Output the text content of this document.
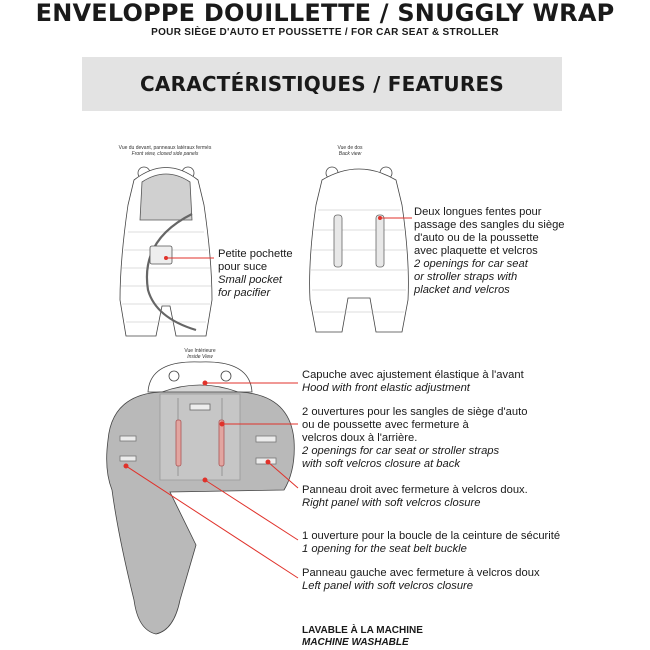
ENVELOPPE DOUILLETTE / SNUGGLY WRAP
POUR SIÈGE D'AUTO ET POUSSETTE / FOR CAR SEAT & STROLLER
CARACTÉRISTIQUES / FEATURES
Vue du devant, panneaux latéraux fermés
Front view, closed side panels
Vue de dos
Back view
Vue Intérieure
Inside View
Petite pochette
pour suce
Small pocket
for pacifier
Deux longues fentes pour
passage des sangles du siège
d'auto ou de la poussette
avec plaquette et velcros
2 openings for car seat
or stroller straps with
placket and velcros
Capuche avec ajustement élastique à l'avant
Hood with front elastic adjustment
2 ouvertures pour les sangles de siège d'auto
ou de poussette avec fermeture à
velcros doux à l'arrière.
2 openings for car seat or stroller straps
with soft velcros closure at back
Panneau droit avec fermeture à velcros doux.
Right panel with soft velcros closure
1 ouverture pour la boucle de la ceinture de sécurité
1 opening for the seat belt buckle
Panneau gauche avec fermeture à velcros doux
Left panel with soft velcros closure
LAVABLE À LA MACHINE
MACHINE WASHABLE
